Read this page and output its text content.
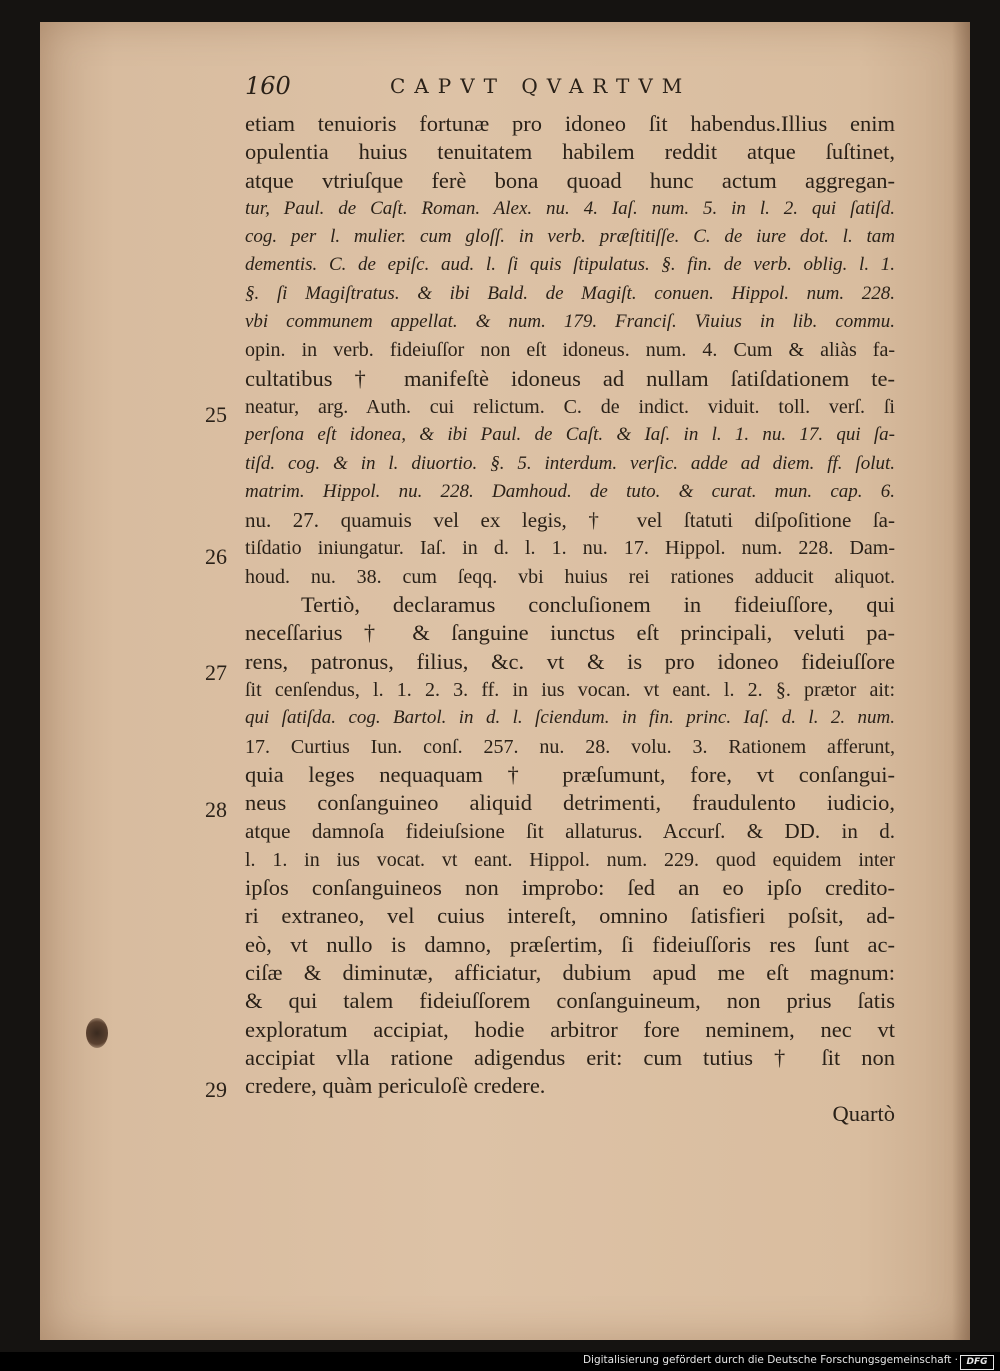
160	CAPVT QVARTVM
etiam tenuioris fortunæ pro idoneo ſit habendus.Illius enim
opulentia huius tenuitatem habilem reddit atque ſuſtinet,
atque vtriuſque ferè bona quoad hunc actum aggregan-
tur, Paul. de Caſt. Roman. Alex. nu. 4. Iaſ. num. 5. in l. 2. qui ſatiſd.
cog. per l. mulier. cum gloſſ. in verb. præſtitiſſe. C. de iure dot. l. tam
dementis. C. de epiſc. aud. l. ſi quis ſtipulatus. §. fin. de verb. oblig. l. 1.
§. ſi Magiſtratus. & ibi Bald. de Magiſt. conuen. Hippol. num. 228.
vbi communem appellat. & num. 179. Franciſ. Viuius in lib. commu.
opin. in verb. fideiuſſor non eſt idoneus. num. 4. Cum & aliàs fa-
cultatibus † manifeſtè idoneus ad nullam ſatiſdationem te-
neatur, arg. Auth. cui relictum. C. de indict. viduit. toll. verſ. ſi
perſona eſt idonea, & ibi Paul. de Caſt. & Iaſ. in l. 1. nu. 17. qui ſa-
tiſd. cog. & in l. diuortio. §. 5. interdum. verſic. adde ad diem. ff. ſolut.
matrim. Hippol. nu. 228. Damhoud. de tuto. & curat. mun. cap. 6.
nu. 27. quamuis vel ex legis, † vel ſtatuti diſpoſitione ſa-
tiſdatio iniungatur. Iaſ. in d. l. 1. nu. 17. Hippol. num. 228. Dam-
houd. nu. 38. cum ſeqq. vbi huius rei rationes adducit aliquot.
Tertiò, declaramus concluſionem in fideiuſſore, qui
neceſſarius † & ſanguine iunctus eſt principali, veluti pa-
rens, patronus, filius, &c. vt & is pro idoneo fideiuſſore
ſit cenſendus, l. 1. 2. 3. ff. in ius vocan. vt eant. l. 2. §. prætor ait:
qui ſatiſda. cog. Bartol. in d. l. ſciendum. in fin. princ. Iaſ. d. l. 2. num.
17. Curtius Iun. conſ. 257. nu. 28. volu. 3. Rationem afferunt,
quia leges nequaquam † præſumunt, fore, vt conſangui-
neus conſanguineo aliquid detrimenti, fraudulento iudicio,
atque damnoſa fideiuſsione ſit allaturus. Accurſ. & DD. in d.
l. 1. in ius vocat. vt eant. Hippol. num. 229. quod equidem inter
ipſos conſanguineos non improbo: ſed an eo ipſo credito-
ri extraneo, vel cuius intereſt, omnino ſatisfieri poſsit, ad-
eò, vt nullo is damno, præſertim, ſi fideiuſſoris res ſunt ac-
ciſæ & diminutæ, afficiatur, dubium apud me eſt magnum:
& qui talem fideiuſſorem conſanguineum, non prius ſatis
exploratum accipiat, hodie arbitror fore neminem, nec vt
accipiat vlla ratione adigendus erit: cum tutius † ſit non
credere, quàm periculoſè credere.
Quartò
25
26
27
28
29
Digitalisierung gefördert durch die Deutsche Forschungsgemeinschaft · DFG
